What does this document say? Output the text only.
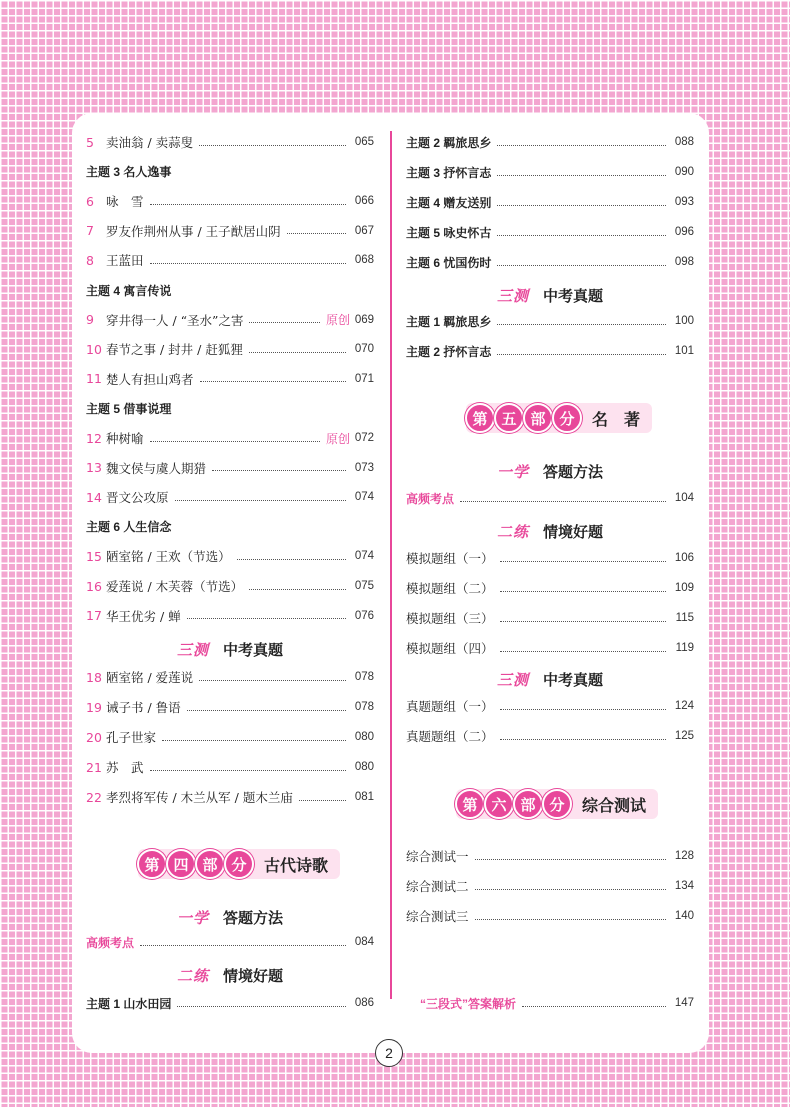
5 卖油翁 / 卖蒜叟	065
主题 3 名人逸事
6 咏　雪	066
7 罗友作荆州从事 / 王子猷居山阴	067
8 王蓝田	068
主题 4 寓言传说
9 穿井得一人 / “圣水”之害	原创 069
10 春节之事 / 封井 / 赶狐狸	070
11 楚人有担山鸡者	071
主题 5 借事说理
12 种树喻	原创 072
13 魏文侯与虞人期猎	073
14 晋文公攻原	074
主题 6 人生信念
15 陋室铭 / 王欢（节选）	074
16 爱莲说 / 木芙蓉（节选）	075
17 华王优劣 / 蝉	076
三测 中考真题
18 陋室铭 / 爱莲说	078
19 诫子书 / 鲁语	078
20 孔子世家	080
21 苏　武	080
22 孝烈将军传 / 木兰从军 / 题木兰庙	081
第 四 部 分	古代诗歌
一学 答题方法
高频考点	084
二练 情境好题
主题 1 山水田园	086
主题 2 羁旅思乡	088
主题 3 抒怀言志	090
主题 4 赠友送别	093
主题 5 咏史怀古	096
主题 6 忧国伤时	098
三测 中考真题
主题 1 羁旅思乡	100
主题 2 抒怀言志	101
第 五 部 分	名　著
一学 答题方法
高频考点	104
二练 情境好题
模拟题组（一）	106
模拟题组（二）	109
模拟题组（三）	115
模拟题组（四）	119
三测 中考真题
真题题组（一）	124
真题题组（二）	125
第 六 部 分	综合测试
综合测试一	128
综合测试二	134
综合测试三	140
“三段式”答案解析	147
2
